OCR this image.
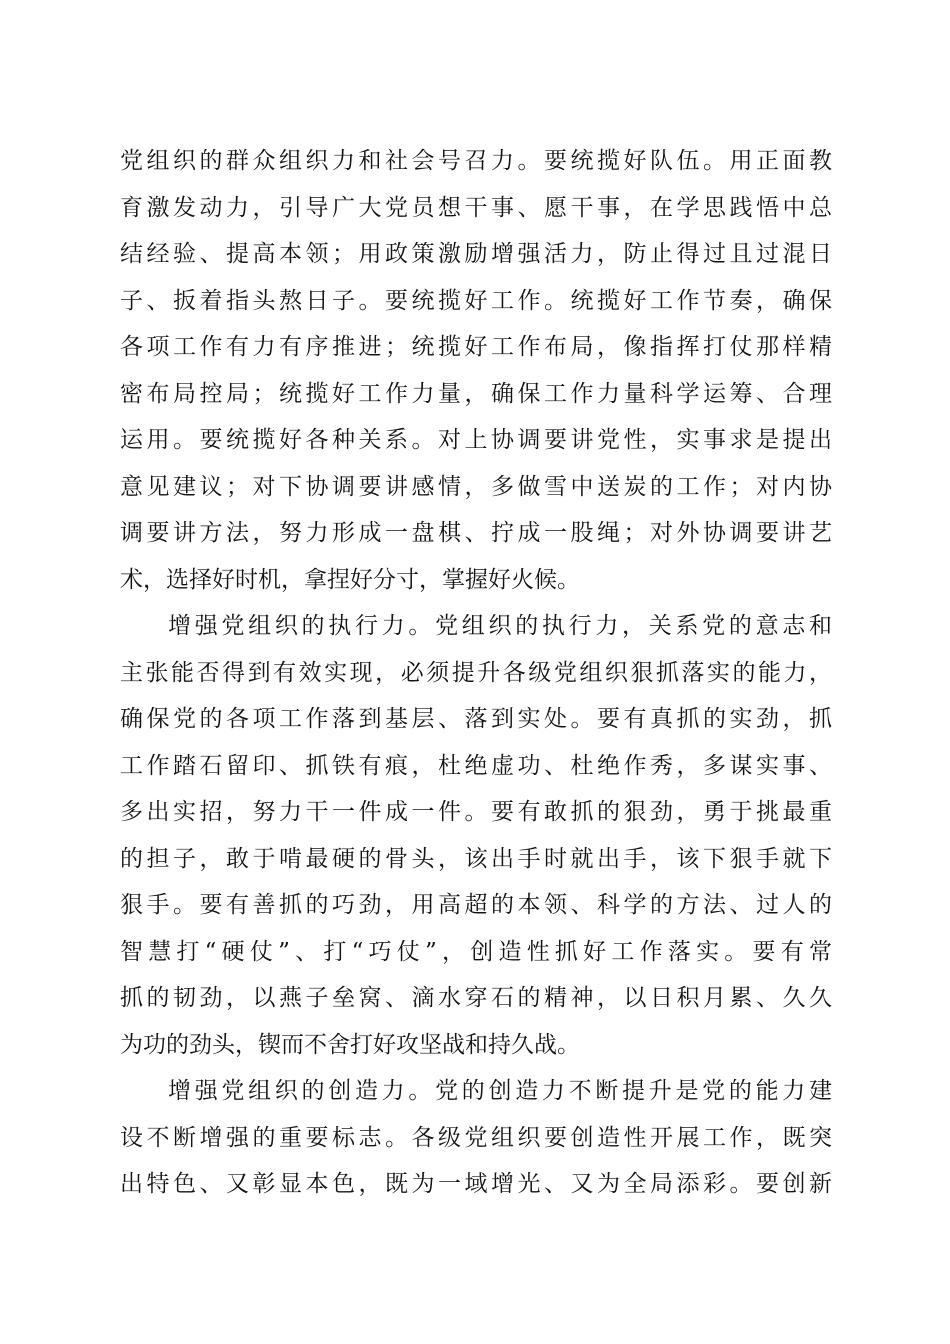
党组织的群众组织力和社会号召力。要统揽好队伍。用正面教
育激发动力，引导广大党员想干事、愿干事，在学思践悟中总
结经验、提高本领；用政策激励增强活力，防止得过且过混日
子、扳着指头熬日子。要统揽好工作。统揽好工作节奏，确保
各项工作有力有序推进；统揽好工作布局，像指挥打仗那样精
密布局控局；统揽好工作力量，确保工作力量科学运筹、合理
运用。要统揽好各种关系。对上协调要讲党性，实事求是提出
意见建议；对下协调要讲感情，多做雪中送炭的工作；对内协
调要讲方法，努力形成一盘棋、拧成一股绳；对外协调要讲艺
术，选择好时机，拿捏好分寸，掌握好火候。
增强党组织的执行力。党组织的执行力，关系党的意志和
主张能否得到有效实现，必须提升各级党组织狠抓落实的能力，
确保党的各项工作落到基层、落到实处。要有真抓的实劲，抓
工作踏石留印、抓铁有痕，杜绝虚功、杜绝作秀，多谋实事、
多出实招，努力干一件成一件。要有敢抓的狠劲，勇于挑最重
的担子，敢于啃最硬的骨头，该出手时就出手，该下狠手就下
狠手。要有善抓的巧劲，用高超的本领、科学的方法、过人的
智慧打“硬仗”、打“巧仗”，创造性抓好工作落实。要有常
抓的韧劲，以燕子垒窝、滴水穿石的精神，以日积月累、久久
为功的劲头，锲而不舍打好攻坚战和持久战。
增强党组织的创造力。党的创造力不断提升是党的能力建
设不断增强的重要标志。各级党组织要创造性开展工作，既突
出特色、又彰显本色，既为一域增光、又为全局添彩。要创新
